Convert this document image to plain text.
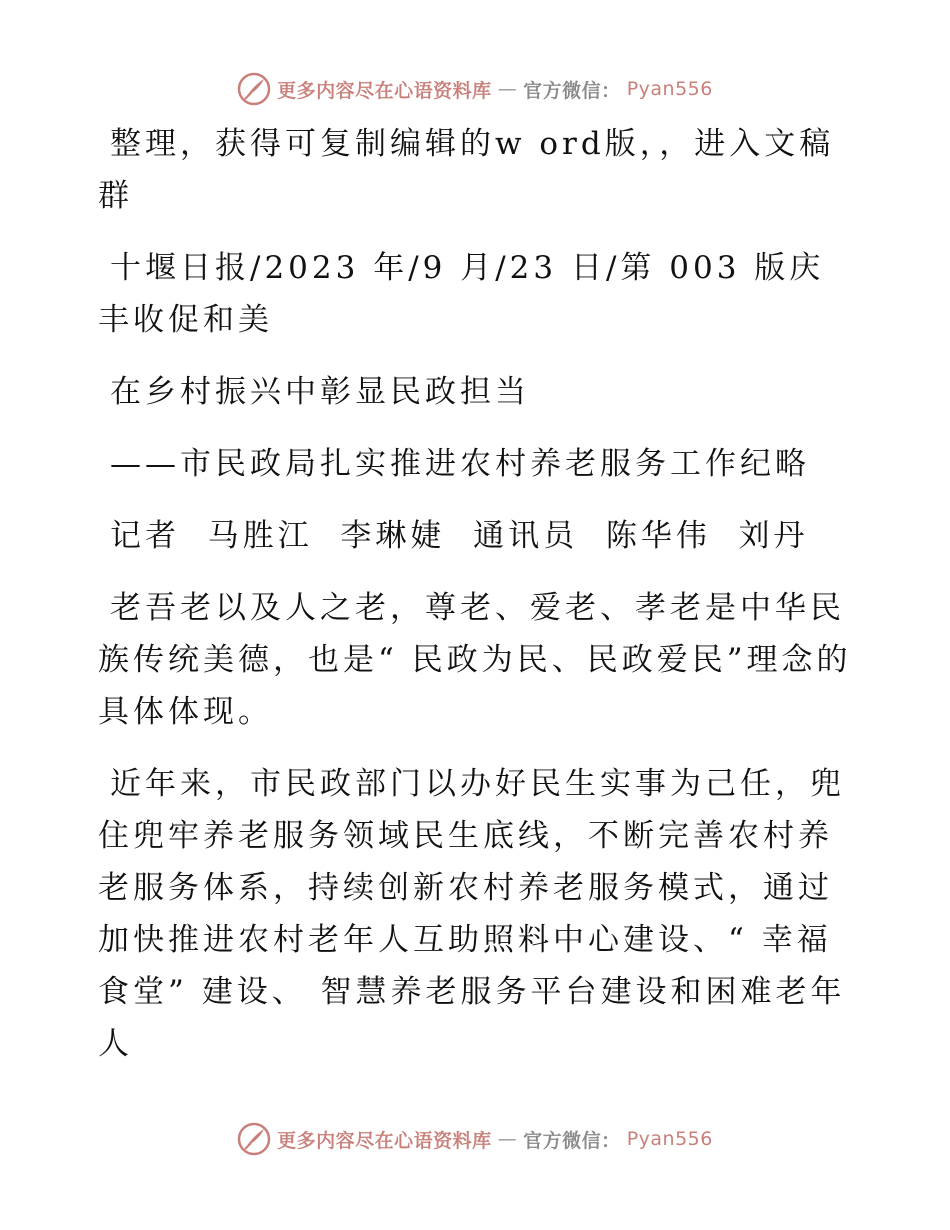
更多内容尽在心语资料库 — 官方微信： Pyan556

整理，获得可复制编辑的w ord版，，进入文稿群

十堰日报/2023 年/9 月/23 日/第 003 版庆丰收促和美

在乡村振兴中彰显民政担当

——市民政局扎实推进农村养老服务工作纪略

记者  马胜江  李琳婕  通讯员  陈华伟  刘丹

老吾老以及人之老，尊老、爱老、孝老是中华民族传统美德，也是“ 民政为民、民政爱民”理念的具体体现。

近年来，市民政部门以办好民生实事为己任，兜住兜牢养老服务领域民生底线，不断完善农村养老服务体系，持续创新农村养老服务模式，通过加快推进农村老年人互助照料中心建设、“ 幸福食堂” 建设、 智慧养老服务平台建设和困难老年人

更多内容尽在心语资料库 — 官方微信： Pyan556
